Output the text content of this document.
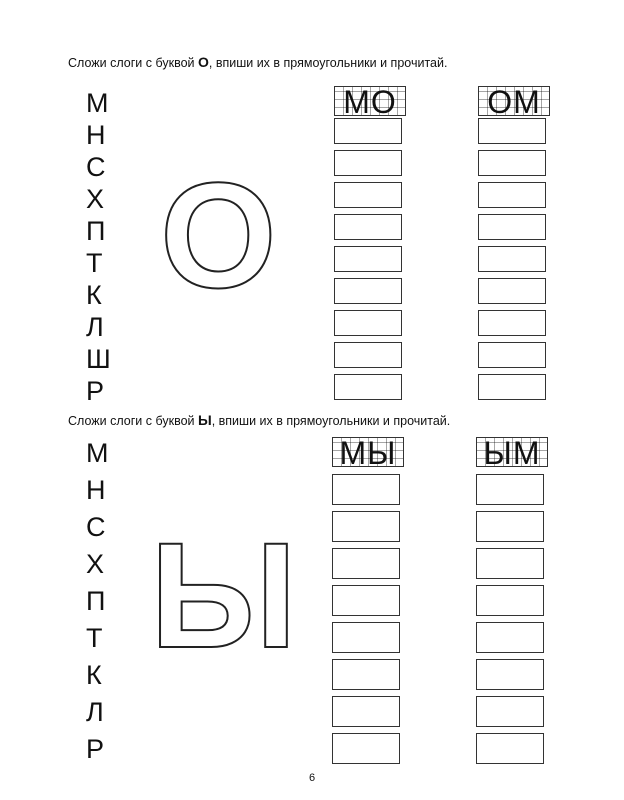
Сложи слоги с буквой О, впиши их в прямоугольники и прочитай.
М
Н
С
Х
П
Т
К
Л
Ш
Р
О
МО	ОМ
Сложи слоги с буквой Ы, впиши их в прямоугольники и прочитай.
М
Н
С
Х
П
Т
К
Л
Р
Ы
МЫ	ЫМ
6
